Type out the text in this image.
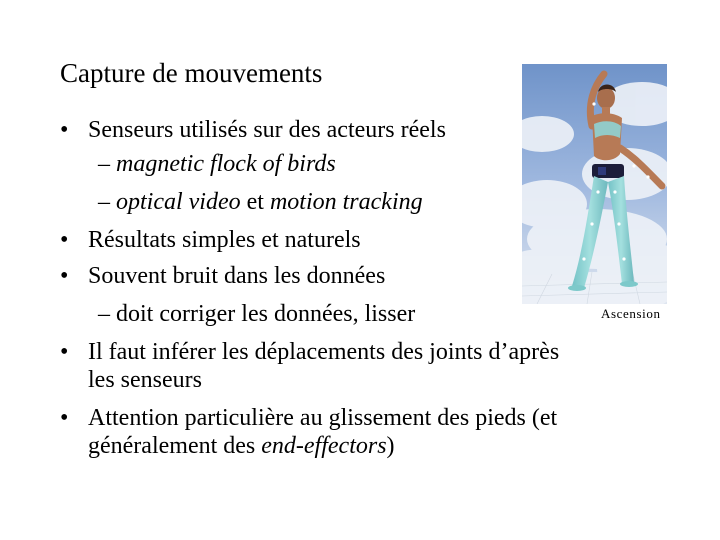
Capture de mouvements
• Senseurs utilisés sur des acteurs réels
– magnetic flock of birds
– optical video et motion tracking
• Résultats simples et naturels
• Souvent bruit dans les données
– doit corriger les données, lisser
• Il faut inférer les déplacements des joints d’après
les senseurs
• Attention particulière au glissement des pieds (et
généralement des end-effectors)
Ascension
